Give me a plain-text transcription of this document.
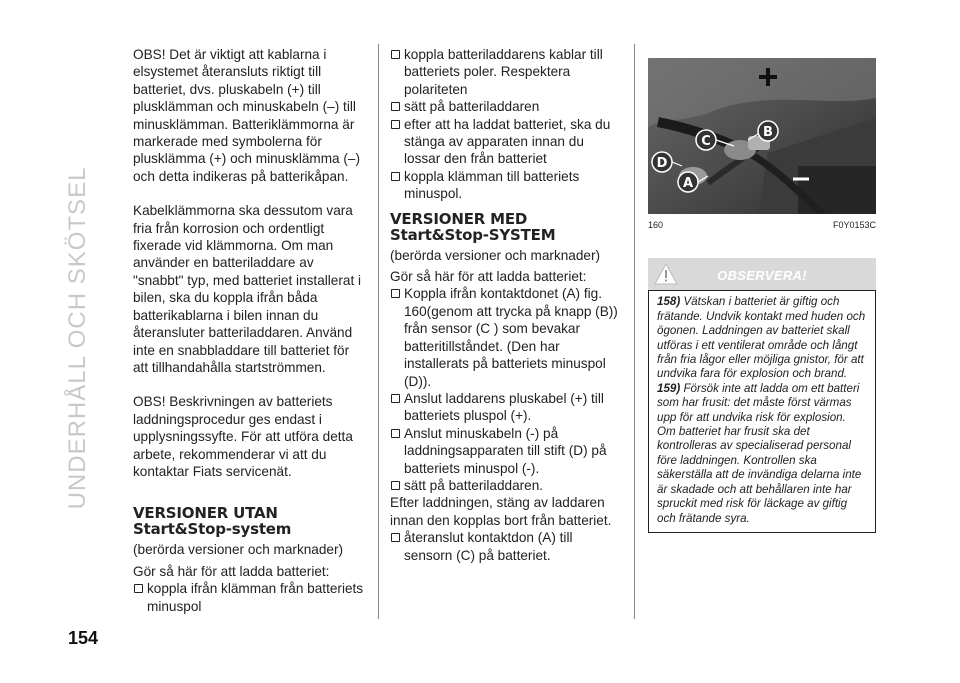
UNDERHÅLL OCH SKÖTSEL
154

OBS! Det är viktigt att kablarna i elsystemet återansluts riktigt till batteriet, dvs. pluskabeln (+) till plusklämman och minuskabeln (–) till minusklämman. Batteriklämmorna är markerade med symbolerna för plusklämma (+) och minusklämma (–) och detta indikeras på batterikåpan.

Kabelklämmorna ska dessutom vara fria från korrosion och ordentligt fixerade vid klämmorna. Om man använder en batteriladdare av "snabbt" typ, med batteriet installerat i bilen, ska du koppla ifrån båda batterikablarna i bilen innan du återansluter batteriladdaren. Använd inte en snabbladdare till batteriet för att tillhandahålla startströmmen.

OBS! Beskrivningen av batteriets laddningsprocedur ges endast i upplysningssyfte. För att utföra detta arbete, rekommenderar vi att du kontaktar Fiats servicenät.

VERSIONER UTAN
Start&Stop-system

(berörda versioner och marknader)

Gör så här för att ladda batteriet:

koppla ifrån klämman från batteriets minuspol

koppla batteriladdarens kablar till batteriets poler. Respektera polariteten

sätt på batteriladdaren

efter att ha laddat batteriet, ska du stänga av apparaten innan du lossar den från batteriet

koppla klämman till batteriets minuspol.

VERSIONER MED
Start&Stop-SYSTEM

(berörda versioner och marknader)

Gör så här för att ladda batteriet:

Koppla ifrån kontaktdonet (A) fig. 160(genom att trycka på knapp (B)) från sensor (C ) som bevakar batteritillståndet. (Den har installerats på batteriets minuspol (D)).

Anslut laddarens pluskabel (+) till batteriets pluspol (+).

Anslut minuskabeln (-) på laddningsapparaten till stift (D) på batteriets minuspol (-).

sätt på batteriladdaren.

Efter laddningen, stäng av laddaren innan den kopplas bort från batteriet.

återanslut kontaktdon (A) till sensorn (C) på batteriet.

C
B
D
A
160	F0Y0153C
OBSERVERA!

158) Vätskan i batteriet är giftig och frätande. Undvik kontakt med huden och ögonen. Laddningen av batteriet skall utföras i ett ventilerat område och långt från fria lågor eller möjliga gnistor, för att undvika fara för explosion och brand.

159) Försök inte att ladda om ett batteri som har frusit: det måste först värmas upp för att undvika risk för explosion. Om batteriet har frusit ska det kontrolleras av specialiserad personal före laddningen. Kontrollen ska säkerställa att de invändiga delarna inte är skadade och att behållaren inte har spruckit med risk för läckage av giftig och frätande syra.
